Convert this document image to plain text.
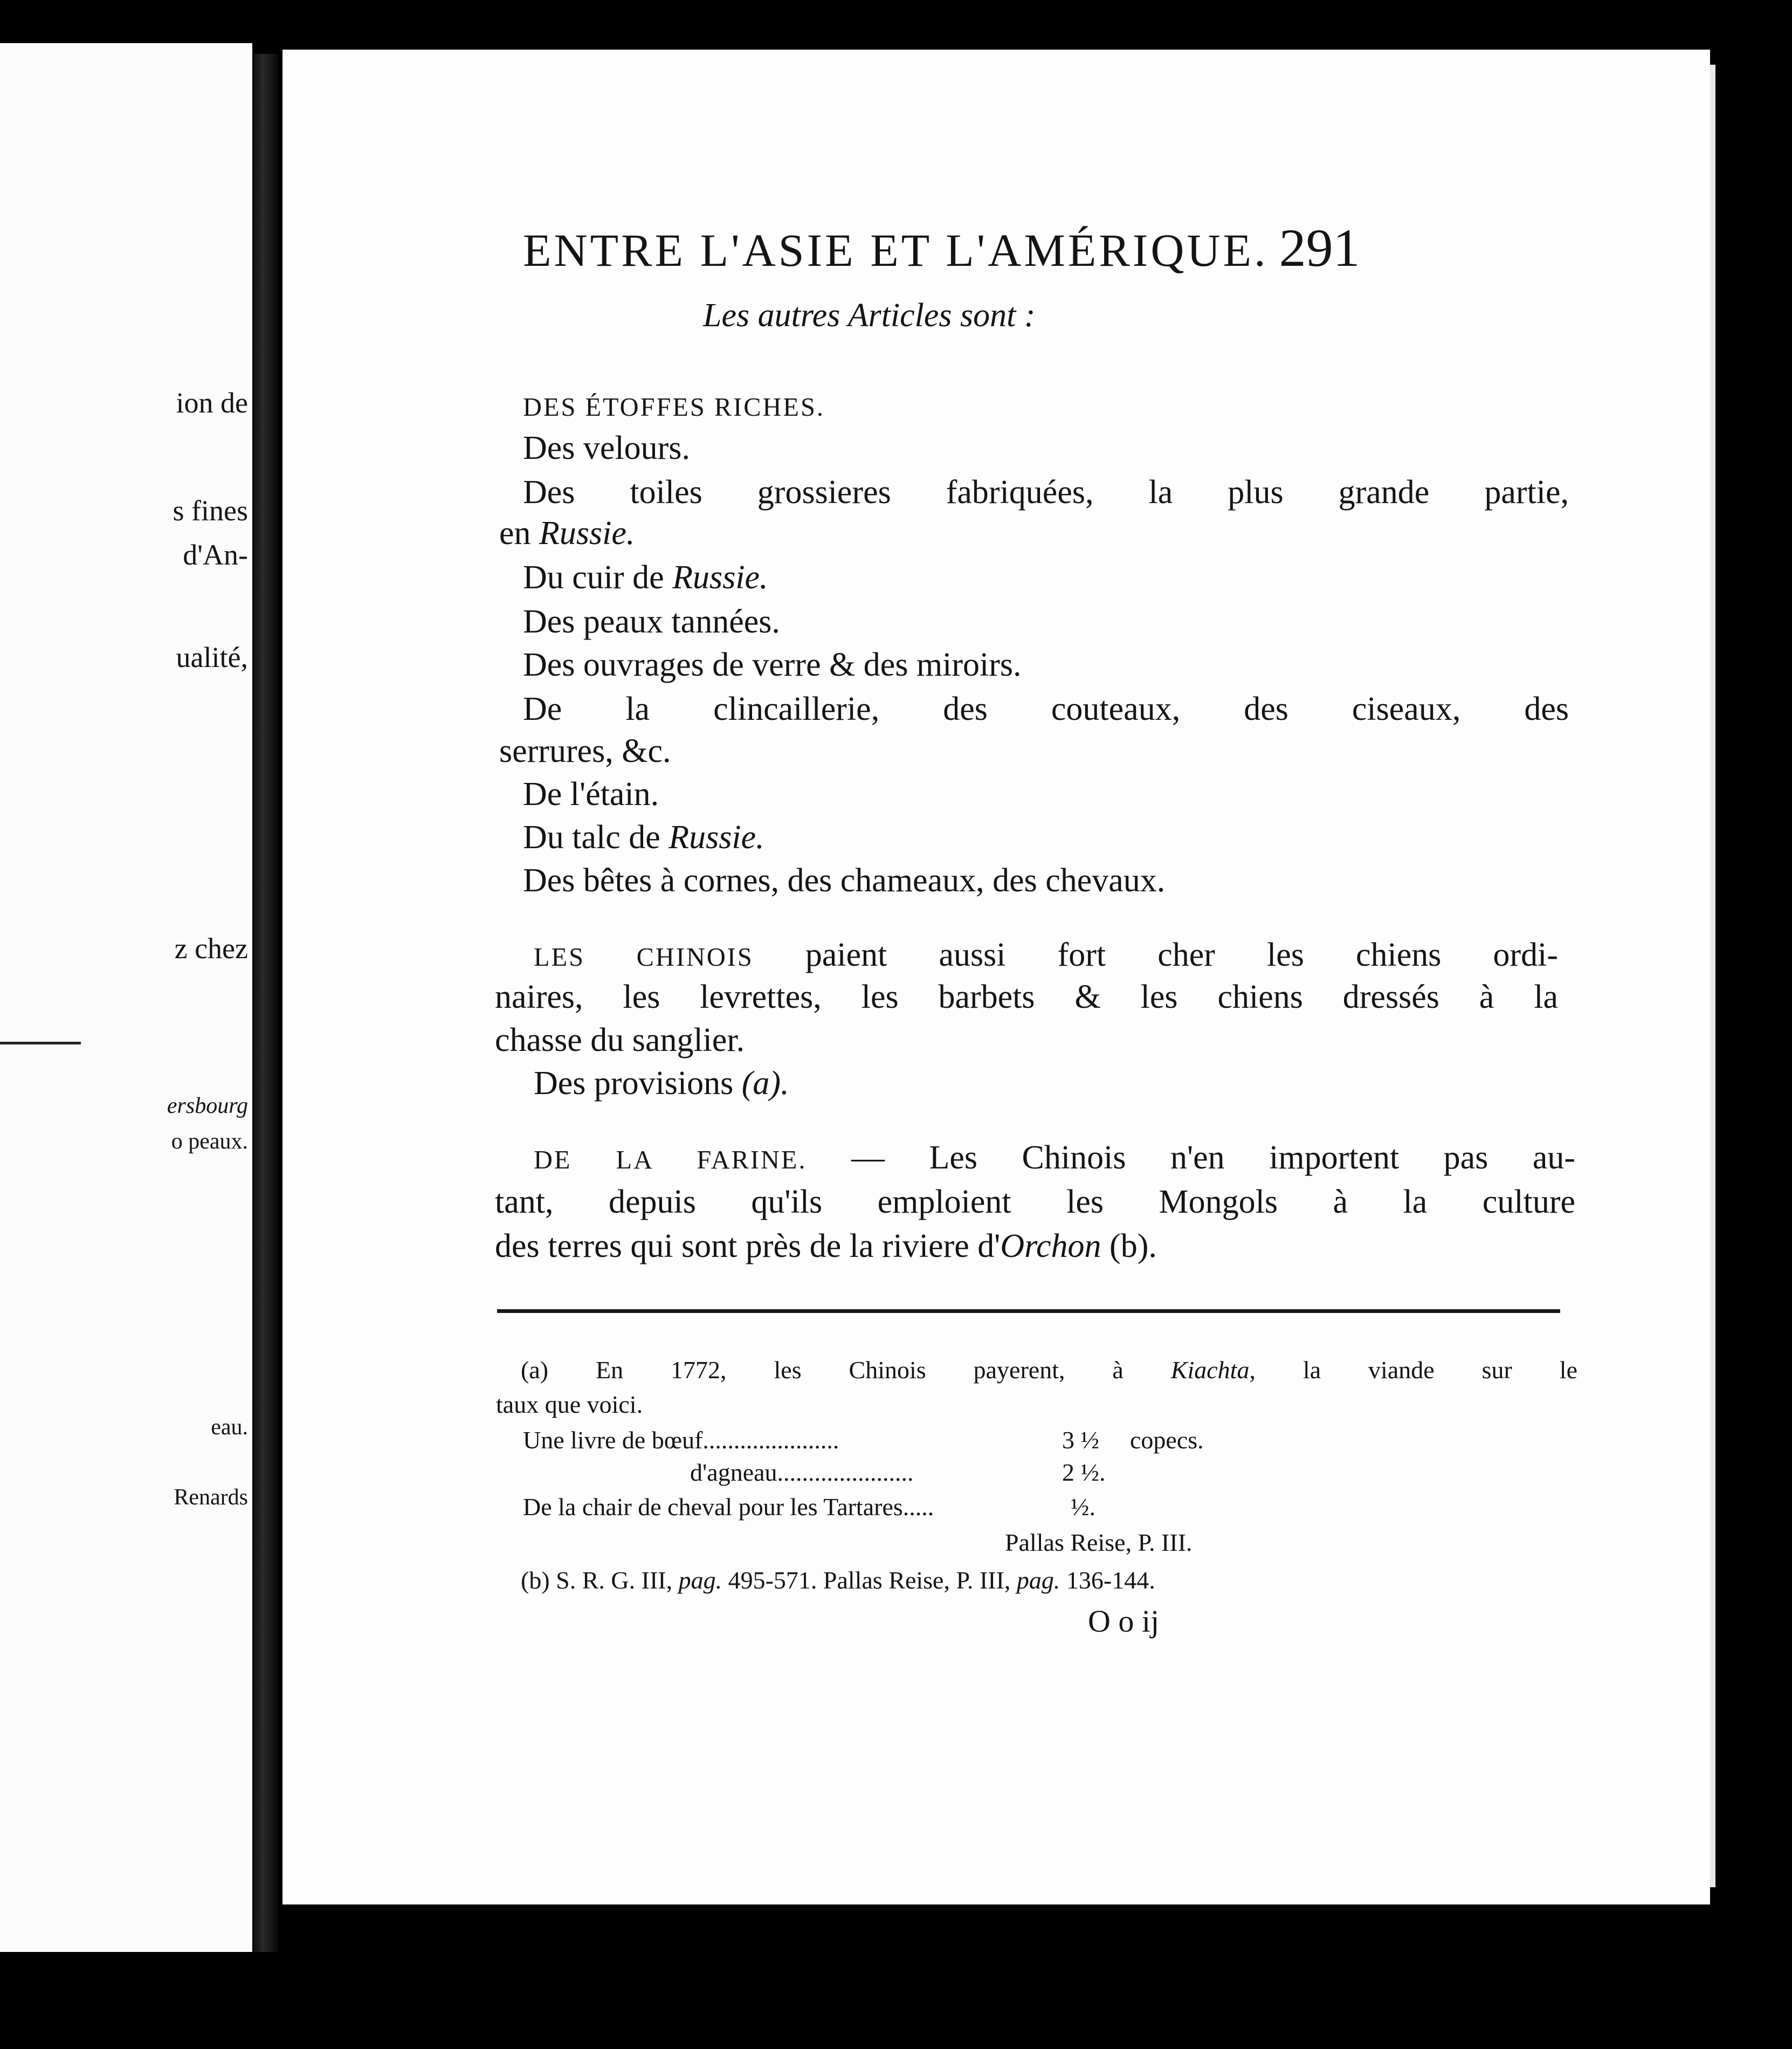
ion de
s fines
d'An-
ualité,
z chez
ersbourg
o peaux.
eau.
Renards
ENTRE L'ASIE ET L'AMÉRIQUE. 291
Les autres Articles sont :
DES ÉTOFFES RICHES.
Des velours.
Des toiles grossieres fabriquées, la plus grande partie,
en Russie.
Du cuir de Russie.
Des peaux tannées.
Des ouvrages de verre & des miroirs.
De la clincaillerie, des couteaux, des ciseaux, des
serrures, &c.
De l'étain.
Du talc de Russie.
Des bêtes à cornes, des chameaux, des chevaux.
LES CHINOIS paient aussi fort cher les chiens ordi-
naires, les levrettes, les barbets & les chiens dressés à la
chasse du sanglier.
Des provisions (a).
DE LA FARINE. — Les Chinois n'en importent pas au-
tant, depuis qu'ils emploient les Mongols à la culture
des terres qui sont près de la riviere d'Orchon (b).
(a) En 1772, les Chinois payerent, à Kiachta, la viande sur le
taux que voici.
Une livre de bœuf......................	3 ½ copecs.
d'agneau......................	2 ½.
De la chair de cheval pour les Tartares.....	½.
Pallas Reise, P. III.
(b) S. R. G. III, pag. 495-571. Pallas Reise, P. III, pag. 136-144.
O o ij
